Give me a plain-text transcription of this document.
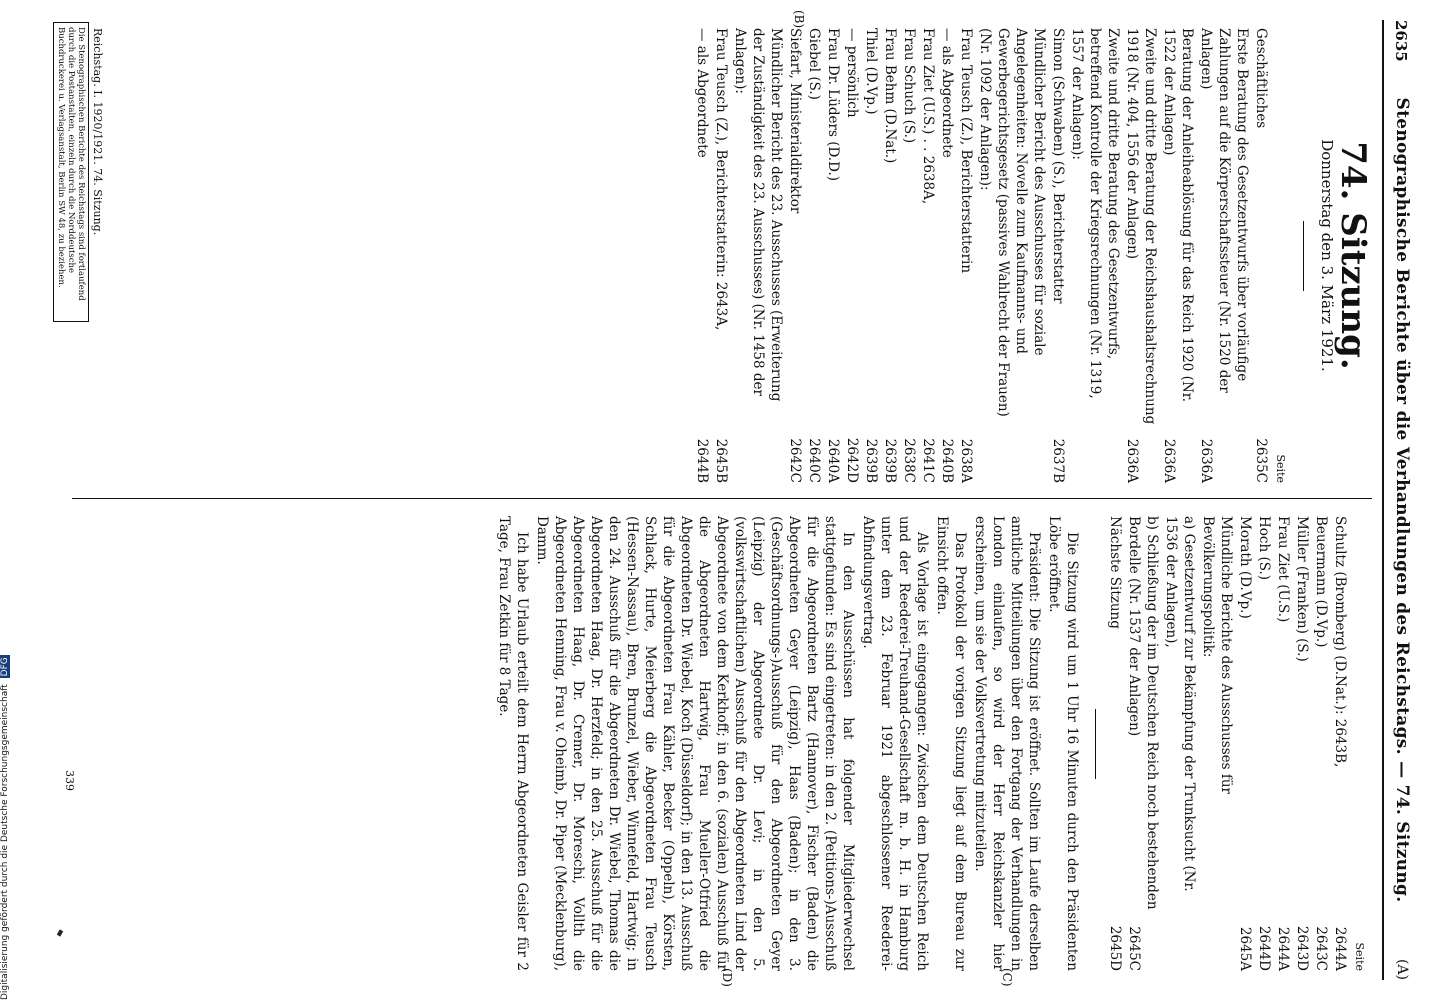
2635
Stenographische Berichte über die Verhandlungen des Reichstags. — 74. Sitzung.
(A)
74. Sitzung.
Donnerstag den 3. März 1921.
Seite
Geschäftliches
2635C
Erste Beratung des Gesetzentwurfs über vorläufige Zahlungen auf die Körperschaftssteuer (Nr. 1520 der Anlagen)
2636A
Beratung der Anleiheablösung für das Reich 1920 (Nr. 1522 der Anlagen)
2636A
Zweite und dritte Beratung der Reichshaushaltsrechnung 1918 (Nr. 404, 1556 der Anlagen)
2636A
Zweite und dritte Beratung des Gesetzentwurfs, betreffend Kontrolle der Kriegsrechnungen (Nr. 1319, 1557 der Anlagen):
Simon (Schwaben) (S.), Berichterstatter
2637B
Mündlicher Bericht des Ausschusses für soziale Angelegenheiten: Novelle zum Kaufmanns- und Gewerbegerichtsgesetz (passives Wahlrecht der Frauen) (Nr. 1092 der Anlagen):
Frau Teusch (Z.), Berichterstatterin
2638A
— als Abgeordnete
2640B
Frau Ziet (U.S.) . . 2638A,
2641C
Frau Schuch (S.)
2638C
Frau Behm (D.Nat.)
2639B
Thiel (D.Vp.)
2639B
— persönlich
2642D
Frau Dr. Lüders (D.D.)
2640A
Giebel (S.)
2640C
Siefart, Ministerialdirektor
2642C
Mündlicher Bericht des 23. Ausschusses (Erweiterung der Zuständigkeit des 23. Ausschusses) (Nr. 1458 der Anlagen):
Frau Teusch (Z.), Berichterstatterin: 2643A,
2645B
— als Abgeordnete
2644B
(B)
Seite
Schultz (Bromberg) (D.Nat.): 2643B,
2644A
Beuermann (D.Vp.)
2643C
Müller (Franken) (S.)
2643D
Frau Ziet (U.S.)
2644A
Hoch (S.)
2644D
Morath (D.Vp.)
2645A
Mündliche Berichte des Ausschusses für Bevölkerungspolitik:
a) Gesetzentwurf zur Bekämpfung der Trunksucht (Nr. 1536 der Anlagen),
b) Schließung der im Deutschen Reich noch bestehenden Bordelle (Nr. 1537 der Anlagen)
2645C
Nächste Sitzung
2645D

Die Sitzung wird um 1 Uhr 16 Minuten durch den Präsidenten Löbe eröffnet.

Präsident: Die Sitzung ist eröffnet. Sollten im Laufe derselben amtliche Mitteilungen über den Fortgang der Verhandlungen in London einlaufen, so wird der Herr Reichskanzler hier erscheinen, um sie der Volksvertretung mitzuteilen.

Das Protokoll der vorigen Sitzung liegt auf dem Bureau zur Einsicht offen.

Als Vorlage ist eingegangen: Zwischen dem Deutschen Reich und der Reederei-Treuhand-Gesellschaft m. b. H. in Hamburg unter dem 23. Februar 1921 abgeschlossener Reederei-Abfindungsvertrag.

In den Ausschüssen hat folgender Mitgliederwechsel stattgefunden: Es sind eingetreten: in den 2. (Petitions-)Ausschuß für die Abgeordneten Bartz (Hannover), Fischer (Baden) die Abgeordneten Geyer (Leipzig), Haas (Baden); in den 3. (Geschäftsordnungs-)Ausschuß für den Abgeordneten Geyer (Leipzig) der Abgeordnete Dr. Levi; in den 5. (volkswirtschaftlichen) Ausschuß für den Abgeordneten Lind der Abgeordnete von dem Kerkhoff; in den 6. (sozialen) Ausschuß für die Abgeordneten Hartwig, Frau Mueller-Otfried die Abgeordneten Dr. Wiebel, Koch (Düsseldorf); in den 13. Ausschuß für die Abgeordneten Frau Kähler, Becker (Oppeln), Körsten, Schlack, Hurte, Meierberg die Abgeordneten Frau Teusch (Hessen-Nassau), Bren, Brunzel, Wieber, Winnefeld, Hartwig; in den 24. Ausschuß für die Abgeordneten Dr. Wiebel, Thomas die Abgeordneten Haag, Dr. Herzfeld; in den 25. Ausschuß für die Abgeordneten Haag, Dr. Cremer, Dr. Moreschi, Vollth die Abgeordneten Henning, Frau v. Oheimb, Dr. Piper (Mecklenburg), Damm.

Ich habe Urlaub erteilt dem Herrn Abgeordneten Geisler für 2 Tage, Frau Zetkin für 8 Tage.

Reichstag. I. 1920/1921. 74. Sitzung.
Die Stenographischen Berichte des Reichstags sind fortlaufend durch die Postanstalten, einzeln durch die Norddeutsche Buchdruckerei u. Verlagsanstalt, Berlin SW 48, zu beziehen.
339
(C)
(D)
Digitalisierung gefördert durch die Deutsche Forschungsgemeinschaft DFG
